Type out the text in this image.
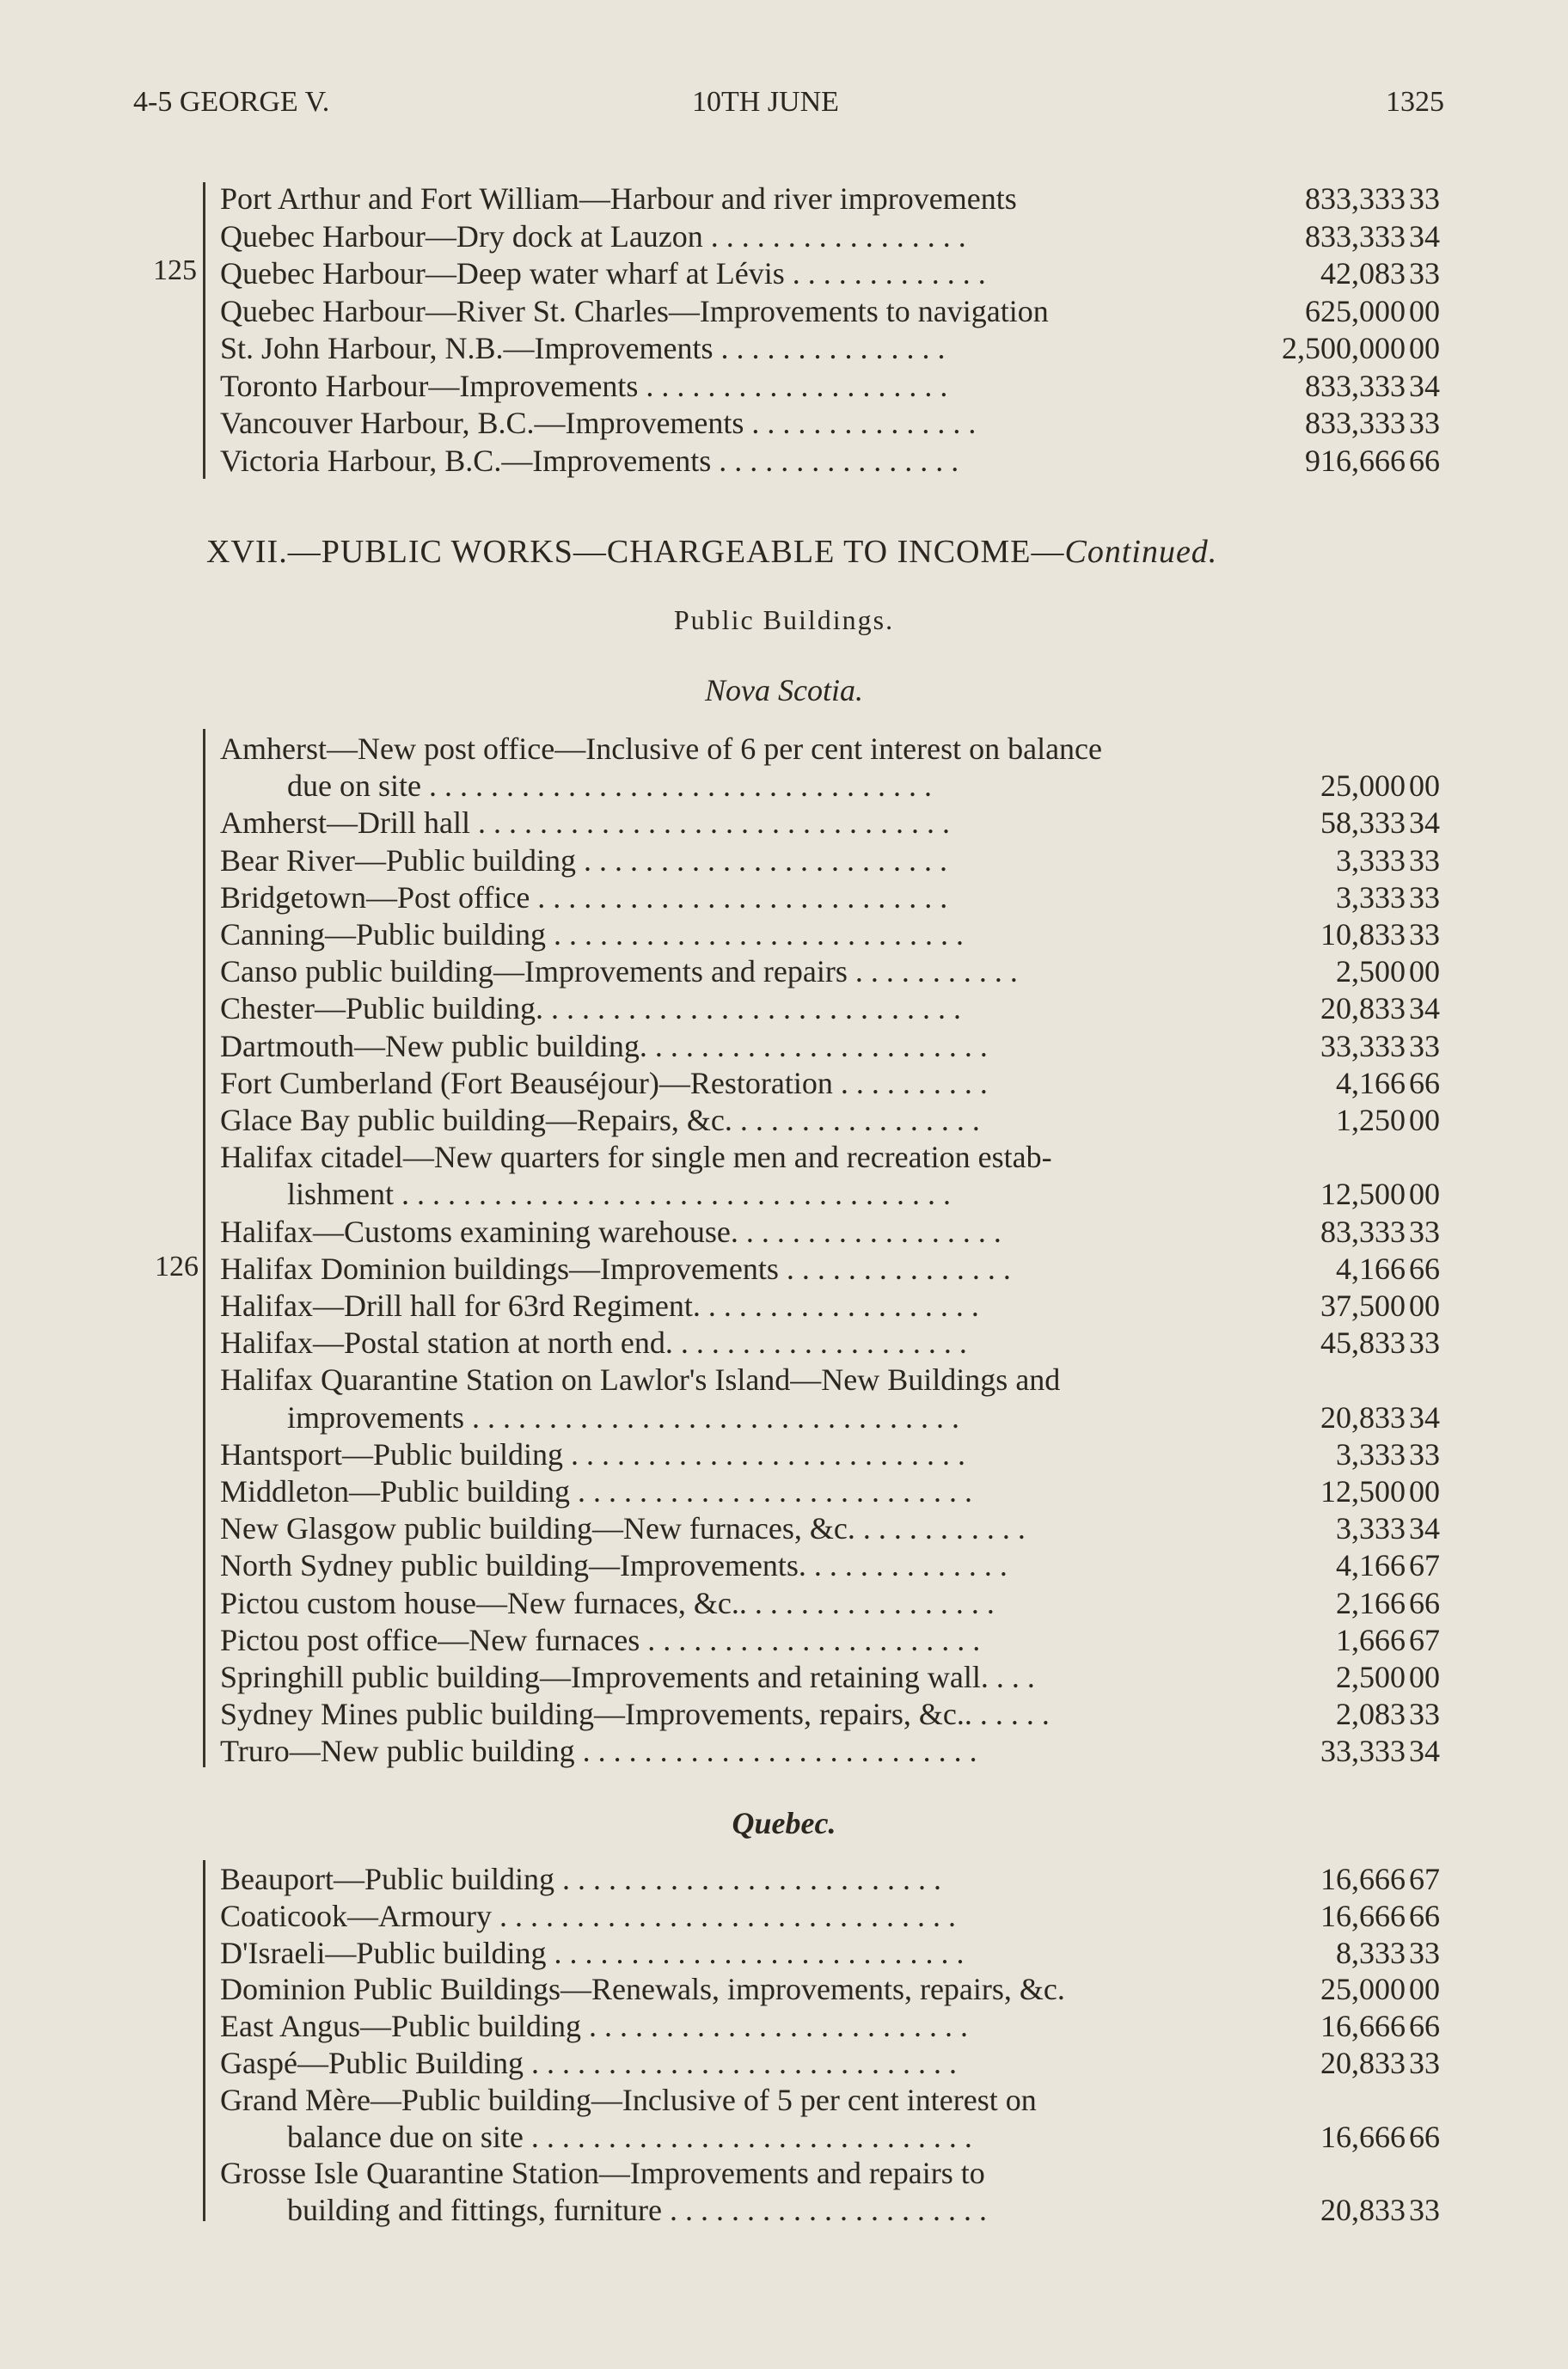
4-5 GEORGE V.	10TH JUNE	1325
125
Port Arthur and Fort William—Harbour and river improvements	833,333 33
Quebec Harbour—Dry dock at Lauzon . . . . . . . . . . . . . . . . .	833,333 34
Quebec Harbour—Deep water wharf at Lévis . . . . . . . . . . . . .	42,083 33
Quebec Harbour—River St. Charles—Improvements to navigation	625,000 00
St. John Harbour, N.B.—Improvements . . . . . . . . . . . . . . .	2,500,000 00
Toronto Harbour—Improvements . . . . . . . . . . . . . . . . . . . .	833,333 34
Vancouver Harbour, B.C.—Improvements . . . . . . . . . . . . . . .	833,333 33
Victoria Harbour, B.C.—Improvements . . . . . . . . . . . . . . . .	916,666 66
XVII.—PUBLIC WORKS—CHARGEABLE TO INCOME—Continued.
Public Buildings.
Nova Scotia.
126
Amherst—New post office—Inclusive of 6 per cent interest on balance
due on site . . . . . . . . . . . . . . . . . . . . . . . . . . . . . . . . .	25,000 00
Amherst—Drill hall . . . . . . . . . . . . . . . . . . . . . . . . . . . . . . .	58,333 34
Bear River—Public building . . . . . . . . . . . . . . . . . . . . . . . .	3,333 33
Bridgetown—Post office . . . . . . . . . . . . . . . . . . . . . . . . . . .	3,333 33
Canning—Public building . . . . . . . . . . . . . . . . . . . . . . . . . . .	10,833 33
Canso public building—Improvements and repairs . . . . . . . . . . .	2,500 00
Chester—Public building. . . . . . . . . . . . . . . . . . . . . . . . . . . .	20,833 34
Dartmouth—New public building. . . . . . . . . . . . . . . . . . . . . . .	33,333 33
Fort Cumberland (Fort Beauséjour)—Restoration . . . . . . . . . .	4,166 66
Glace Bay public building—Repairs, &c. . . . . . . . . . . . . . . . .	1,250 00
Halifax citadel—New quarters for single men and recreation estab-
lishment . . . . . . . . . . . . . . . . . . . . . . . . . . . . . . . . . . . .	12,500 00
Halifax—Customs examining warehouse. . . . . . . . . . . . . . . . . .	83,333 33
Halifax Dominion buildings—Improvements . . . . . . . . . . . . . . .	4,166 66
Halifax—Drill hall for 63rd Regiment. . . . . . . . . . . . . . . . . . .	37,500 00
Halifax—Postal station at north end. . . . . . . . . . . . . . . . . . . .	45,833 33
Halifax Quarantine Station on Lawlor's Island—New Buildings and
improvements . . . . . . . . . . . . . . . . . . . . . . . . . . . . . . . .	20,833 34
Hantsport—Public building . . . . . . . . . . . . . . . . . . . . . . . . . .	3,333 33
Middleton—Public building . . . . . . . . . . . . . . . . . . . . . . . . . .	12,500 00
New Glasgow public building—New furnaces, &c. . . . . . . . . . . .	3,333 34
North Sydney public building—Improvements. . . . . . . . . . . . . .	4,166 67
Pictou custom house—New furnaces, &c.. . . . . . . . . . . . . . . . .	2,166 66
Pictou post office—New furnaces . . . . . . . . . . . . . . . . . . . . . .	1,666 67
Springhill public building—Improvements and retaining wall. . . .	2,500 00
Sydney Mines public building—Improvements, repairs, &c.. . . . . .	2,083 33
Truro—New public building . . . . . . . . . . . . . . . . . . . . . . . . . .	33,333 34
Quebec.
Beauport—Public building . . . . . . . . . . . . . . . . . . . . . . . . .	16,666 67
Coaticook—Armoury . . . . . . . . . . . . . . . . . . . . . . . . . . . . . .	16,666 66
D'Israeli—Public building . . . . . . . . . . . . . . . . . . . . . . . . . . .	8,333 33
Dominion Public Buildings—Renewals, improvements, repairs, &c.	25,000 00
East Angus—Public building . . . . . . . . . . . . . . . . . . . . . . . . .	16,666 66
Gaspé—Public Building . . . . . . . . . . . . . . . . . . . . . . . . . . . .	20,833 33
Grand Mère—Public building—Inclusive of 5 per cent interest on
balance due on site . . . . . . . . . . . . . . . . . . . . . . . . . . . . .	16,666 66
Grosse Isle Quarantine Station—Improvements and repairs to
building and fittings, furniture . . . . . . . . . . . . . . . . . . . . .	20,833 33
